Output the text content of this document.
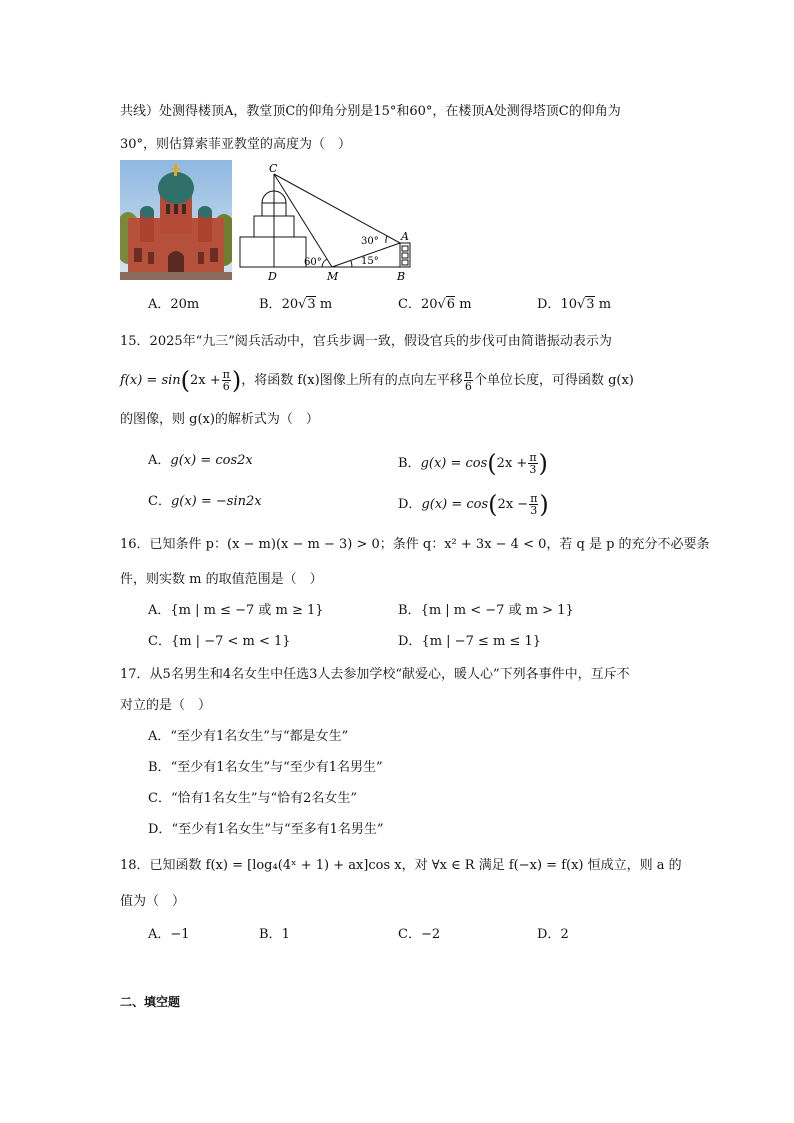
共线）处测得楼顶A，教堂顶C的仰角分别是15°和60°，在楼顶A处测得塔顶C的仰角为
30°，则估算索菲亚教堂的高度为（　）
C
A
D	M	B
30°
60°	15°
A．20m	B．20√3 m	C．20√6 m	D．10√3 m
15．2025年“九三”阅兵活动中，官兵步调一致，假设官兵的步伐可由简谐振动表示为
$f(x) = \sin(2x + \frac{\pi}{6}$ )，将函数 f(x)图像上所有的点向左平移 $\frac{\pi}{6}$ 个单位长度，可得函数 g(x)
的图像，则 g(x)的解析式为（　）
A．g(x) = cos2x	B．$g(x) = \cos(2x + \frac{\pi}{3}$ )
C．g(x) = −sin2x	D．$g(x) = \cos(2x - \frac{\pi}{3}$ )
16．已知条件 p：(x − m)(x − m − 3) > 0；条件 q：x² + 3x − 4 < 0，若 q 是 p 的充分不必要条
件，则实数 m 的取值范围是（　）
A．{m | m ≤ −7 或 m ≥ 1}	B．{m | m < −7 或 m > 1}
C．{m | −7 < m < 1}	D．{m | −7 ≤ m ≤ 1}
17．从5名男生和4名女生中任选3人去参加学校“献爱心，暖人心”下列各事件中，互斥不
对立的是（　）
A．“至少有1名女生”与“都是女生”
B．“至少有1名女生”与“至少有1名男生”
C．“恰有1名女生”与“恰有2名女生”
D．“至少有1名女生”与“至多有1名男生”
18．已知函数 f(x) = [log₄(4ˣ + 1) + ax]cos x，对 ∀x ∈ R 满足 f(−x) = f(x) 恒成立，则 a 的
值为（　）
A．−1	B．1	C．−2	D．2
二、填空题
